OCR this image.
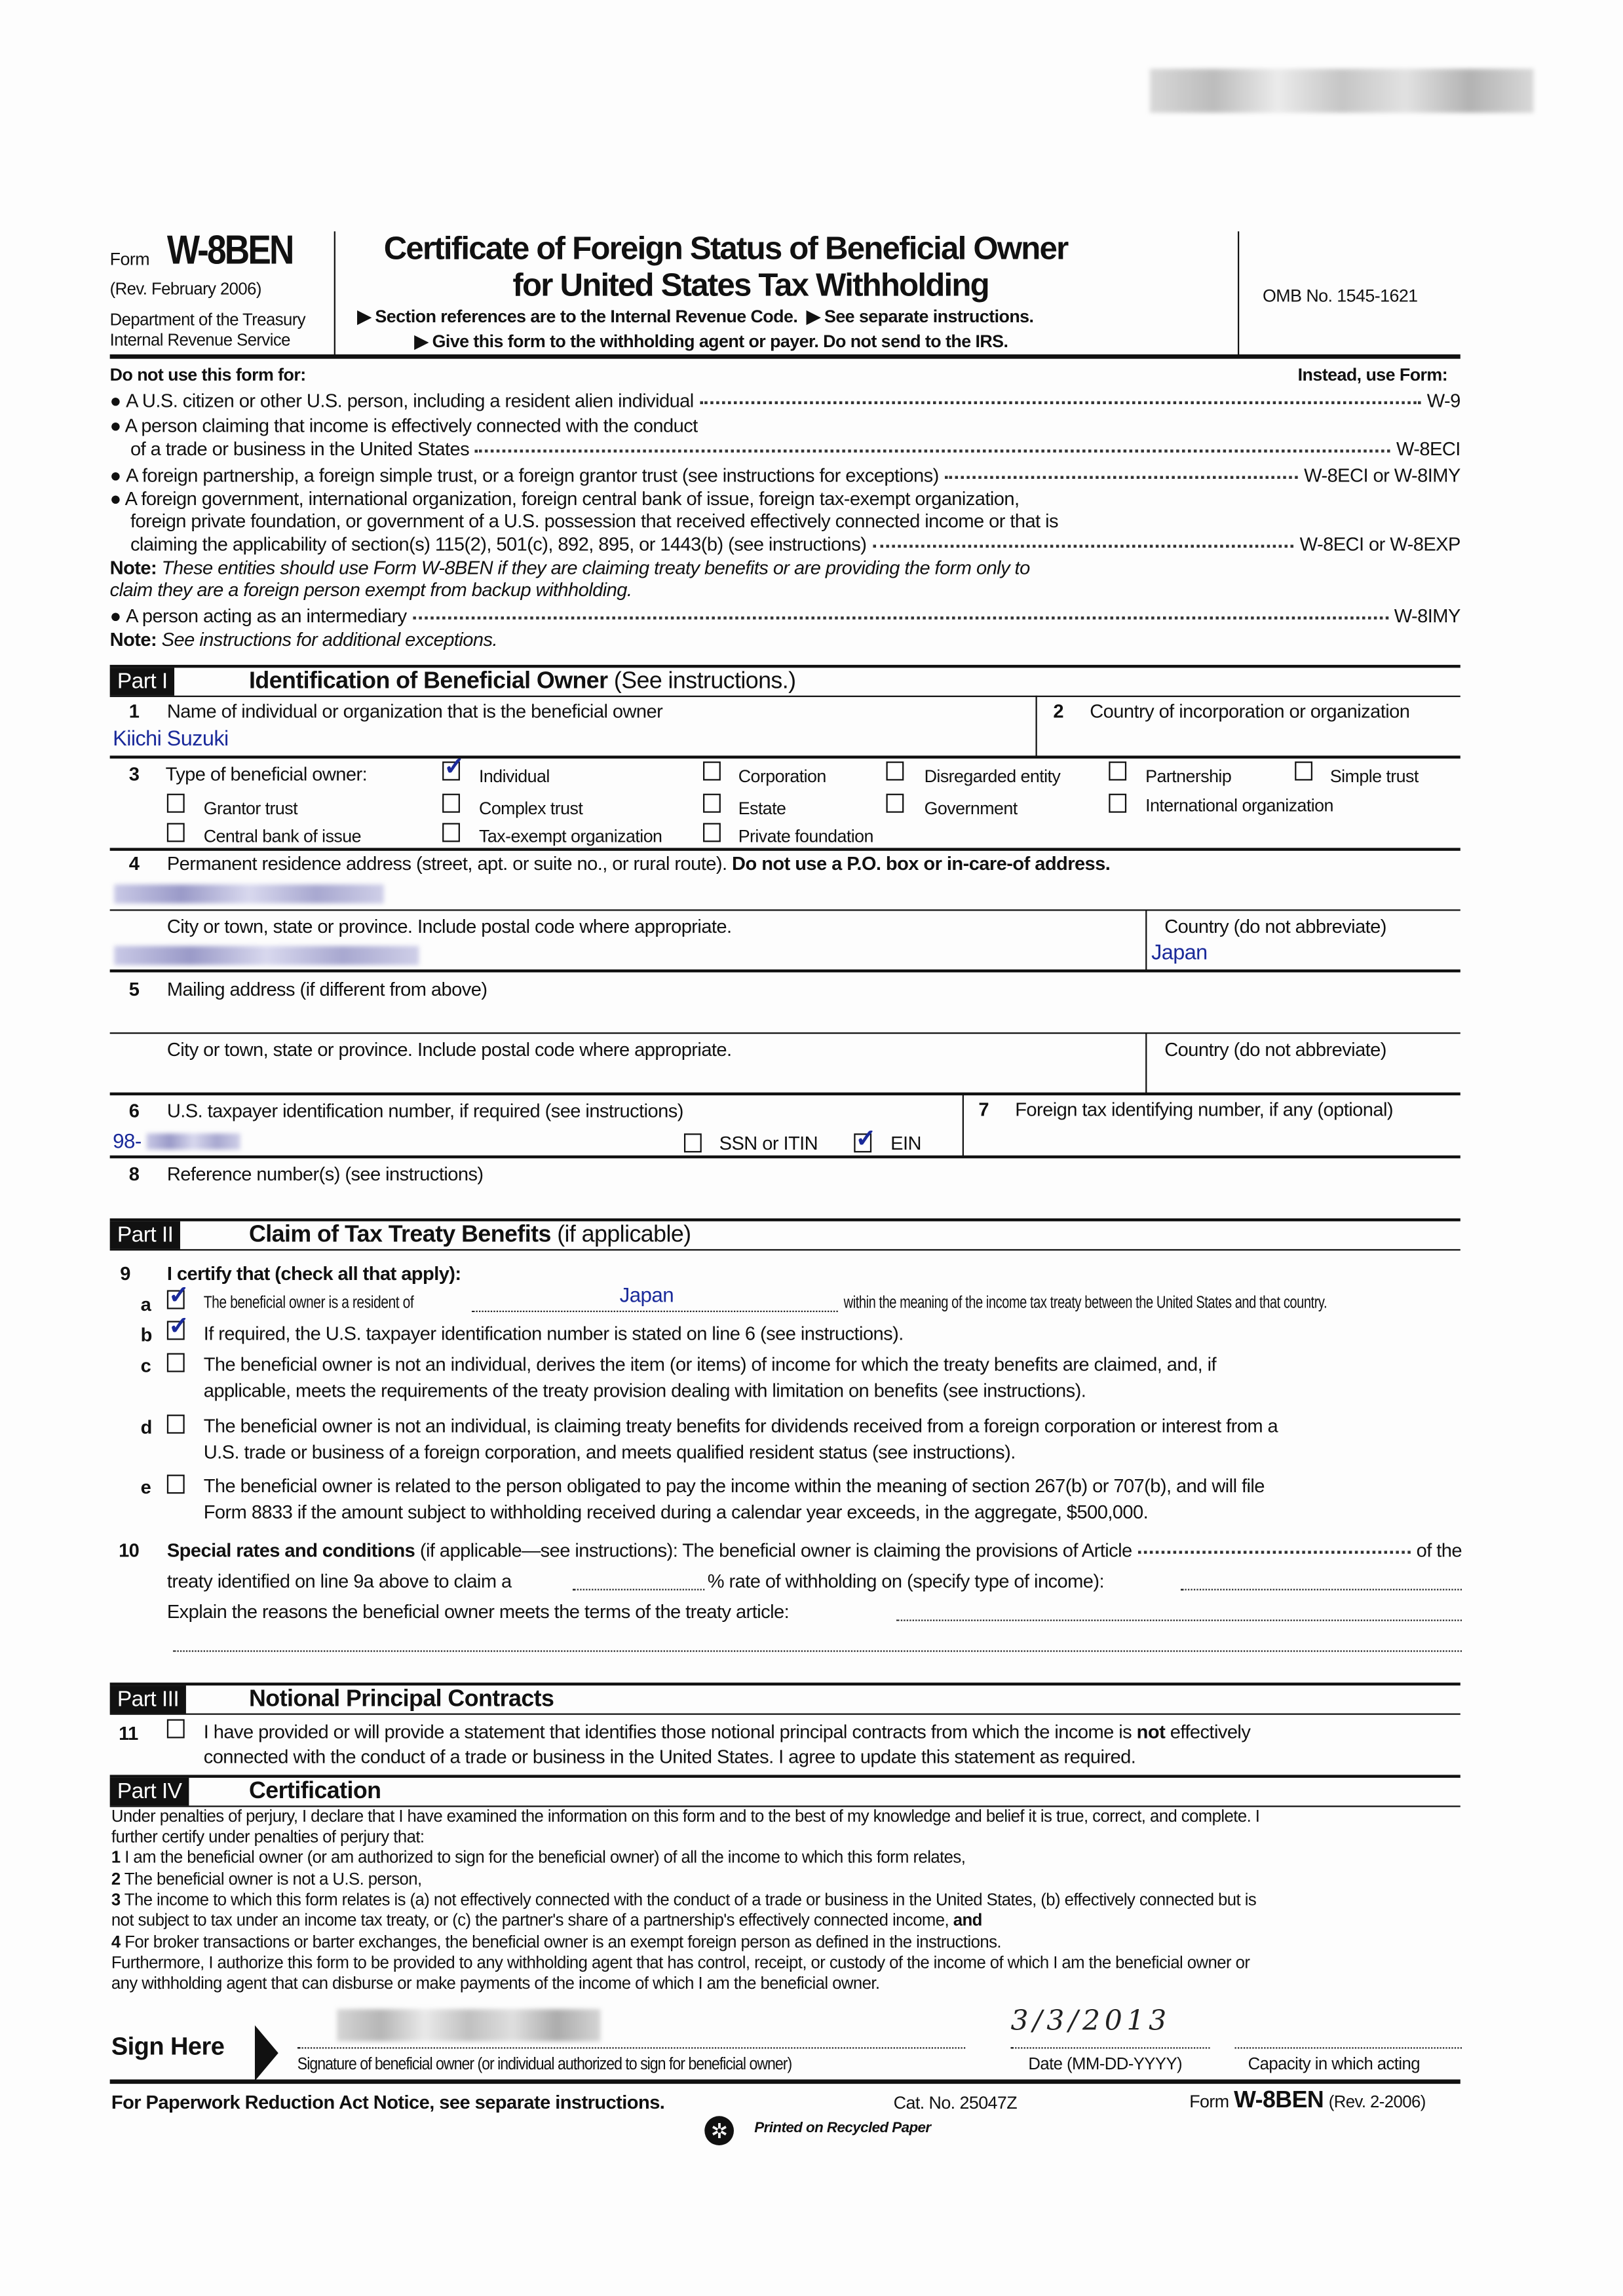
Form W-8BEN
(Rev. February 2006)
Department of the Treasury
Internal Revenue Service
Certificate of Foreign Status of Beneficial Owner
for United States Tax Withholding
▶ Section references are to the Internal Revenue Code.  ▶ See separate instructions.
▶ Give this form to the withholding agent or payer. Do not send to the IRS.
OMB No. 1545-1621
Do not use this form for:	Instead, use Form:
● A U.S. citizen or other U.S. person, including a resident alien individual	W-9
● A person claiming that income is effectively connected with the conduct
of a trade or business in the United States	W-8ECI
● A foreign partnership, a foreign simple trust, or a foreign grantor trust (see instructions for exceptions)	W-8ECI or W-8IMY
● A foreign government, international organization, foreign central bank of issue, foreign tax-exempt organization,
foreign private foundation, or government of a U.S. possession that received effectively connected income or that is
claiming the applicability of section(s) 115(2), 501(c), 892, 895, or 1443(b) (see instructions)	W-8ECI or W-8EXP
Note: These entities should use Form W-8BEN if they are claiming treaty benefits or are providing the form only to
claim they are a foreign person exempt from backup withholding.
● A person acting as an intermediary	W-8IMY
Note: See instructions for additional exceptions.
Part I	Identification of Beneficial Owner (See instructions.)
1	Name of individual or organization that is the beneficial owner
Kiichi Suzuki
2	Country of incorporation or organization
3	Type of beneficial owner: ✓	Individual	Corporation	Disregarded entity	Partnership	Simple trust
Grantor trust	Complex trust	Estate	Government	International organization
Central bank of issue	Tax-exempt organization	Private foundation
4	Permanent residence address (street, apt. or suite no., or rural route). Do not use a P.O. box or in-care-of address.
City or town, state or province. Include postal code where appropriate.	Country (do not abbreviate)
Japan
5	Mailing address (if different from above)
City or town, state or province. Include postal code where appropriate.	Country (do not abbreviate)
6	U.S. taxpayer identification number, if required (see instructions)
98-	SSN or ITIN ✓	EIN
7	Foreign tax identifying number, if any (optional)
8	Reference number(s) (see instructions)
Part II	Claim of Tax Treaty Benefits (if applicable)
9	I certify that (check all that apply):
a ✓	The beneficial owner is a resident of	Japan	within the meaning of the income tax treaty between the United States and that country.
b ✓	If required, the U.S. taxpayer identification number is stated on line 6 (see instructions).
c	The beneficial owner is not an individual, derives the item (or items) of income for which the treaty benefits are claimed, and, if
applicable, meets the requirements of the treaty provision dealing with limitation on benefits (see instructions).
d	The beneficial owner is not an individual, is claiming treaty benefits for dividends received from a foreign corporation or interest from a
U.S. trade or business of a foreign corporation, and meets qualified resident status (see instructions).
e	The beneficial owner is related to the person obligated to pay the income within the meaning of section 267(b) or 707(b), and will file
Form 8833 if the amount subject to withholding received during a calendar year exceeds, in the aggregate, $500,000.
10	Special rates and conditions (if applicable—see instructions): The beneficial owner is claiming the provisions of Article	of the
treaty identified on line 9a above to claim a	% rate of withholding on (specify type of income):
Explain the reasons the beneficial owner meets the terms of the treaty article:
Part III	Notional Principal Contracts
11	I have provided or will provide a statement that identifies those notional principal contracts from which the income is not effectively
connected with the conduct of a trade or business in the United States. I agree to update this statement as required.
Part IV	Certification
Under penalties of perjury, I declare that I have examined the information on this form and to the best of my knowledge and belief it is true, correct, and complete. I
further certify under penalties of perjury that:
1 I am the beneficial owner (or am authorized to sign for the beneficial owner) of all the income to which this form relates,
2 The beneficial owner is not a U.S. person,
3 The income to which this form relates is (a) not effectively connected with the conduct of a trade or business in the United States, (b) effectively connected but is
not subject to tax under an income tax treaty, or (c) the partner's share of a partnership's effectively connected income, and
4 For broker transactions or barter exchanges, the beneficial owner is an exempt foreign person as defined in the instructions.
Furthermore, I authorize this form to be provided to any withholding agent that has control, receipt, or custody of the income of which I am the beneficial owner or
any withholding agent that can disburse or make payments of the income of which I am the beneficial owner.
Sign Here
Signature of beneficial owner (or individual authorized to sign for beneficial owner)
3/3/2013
Date (MM-DD-YYYY)	Capacity in which acting
For Paperwork Reduction Act Notice, see separate instructions.	Cat. No. 25047Z	Form W-8BEN (Rev. 2-2006)
✲	Printed on Recycled Paper
